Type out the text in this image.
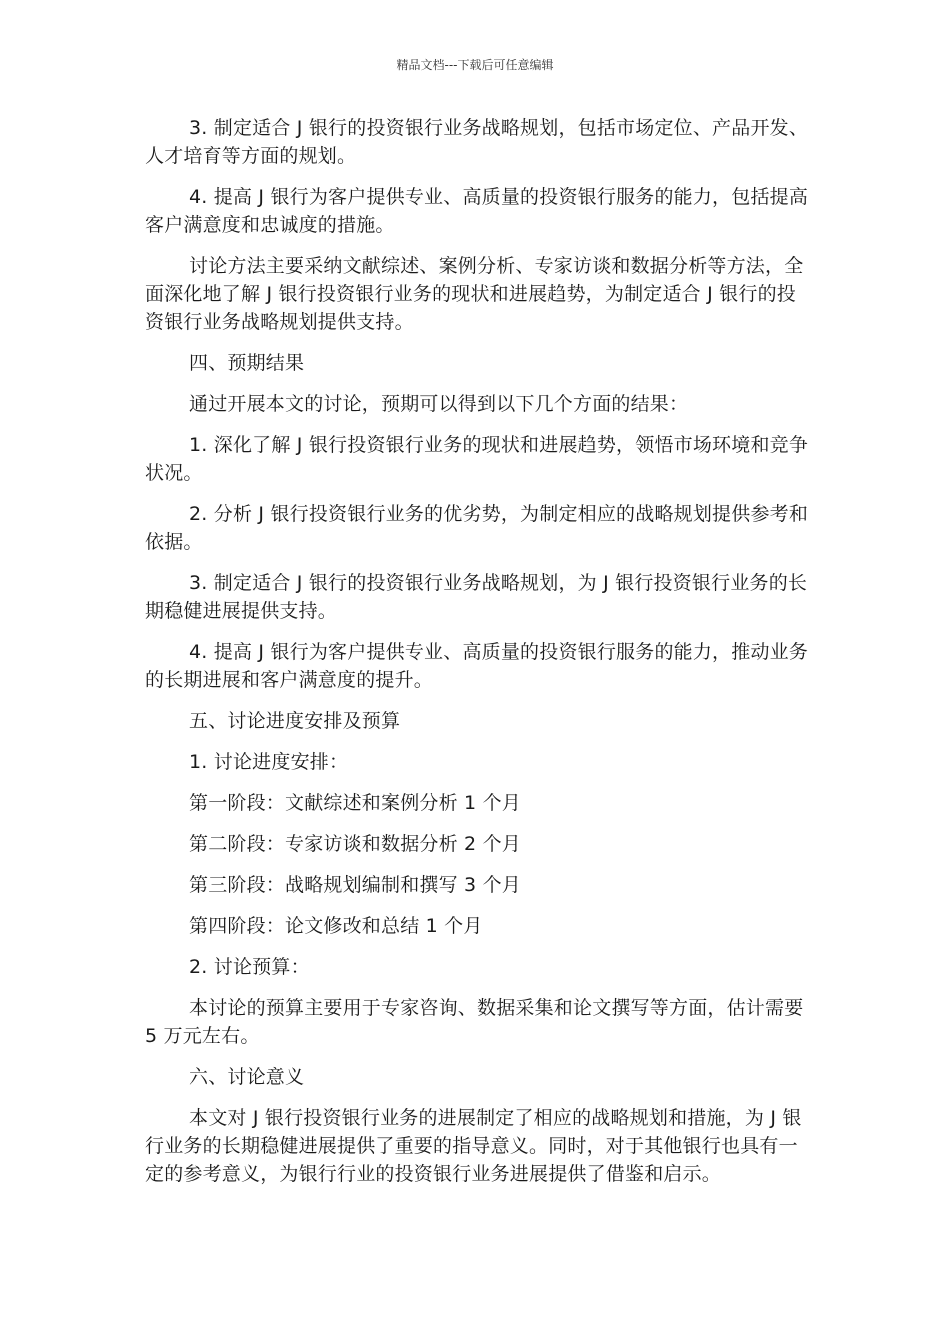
精品文档---下载后可任意编辑

3. 制定适合 J 银行的投资银行业务战略规划，包括市场定位、产品开发、人才培育等方面的规划。

4. 提高 J 银行为客户提供专业、高质量的投资银行服务的能力，包括提高客户满意度和忠诚度的措施。

讨论方法主要采纳文献综述、案例分析、专家访谈和数据分析等方法，全面深化地了解 J 银行投资银行业务的现状和进展趋势，为制定适合 J 银行的投资银行业务战略规划提供支持。

四、预期结果

通过开展本文的讨论，预期可以得到以下几个方面的结果：

1. 深化了解 J 银行投资银行业务的现状和进展趋势，领悟市场环境和竞争状况。

2. 分析 J 银行投资银行业务的优劣势，为制定相应的战略规划提供参考和依据。

3. 制定适合 J 银行的投资银行业务战略规划，为 J 银行投资银行业务的长期稳健进展提供支持。

4. 提高 J 银行为客户提供专业、高质量的投资银行服务的能力，推动业务的长期进展和客户满意度的提升。

五、讨论进度安排及预算

1. 讨论进度安排：

第一阶段：文献综述和案例分析 1 个月

第二阶段：专家访谈和数据分析 2 个月

第三阶段：战略规划编制和撰写 3 个月

第四阶段：论文修改和总结 1 个月

2. 讨论预算：

本讨论的预算主要用于专家咨询、数据采集和论文撰写等方面，估计需要 5 万元左右。

六、讨论意义

本文对 J 银行投资银行业务的进展制定了相应的战略规划和措施，为 J 银行业务的长期稳健进展提供了重要的指导意义。同时，对于其他银行也具有一定的参考意义，为银行行业的投资银行业务进展提供了借鉴和启示。
